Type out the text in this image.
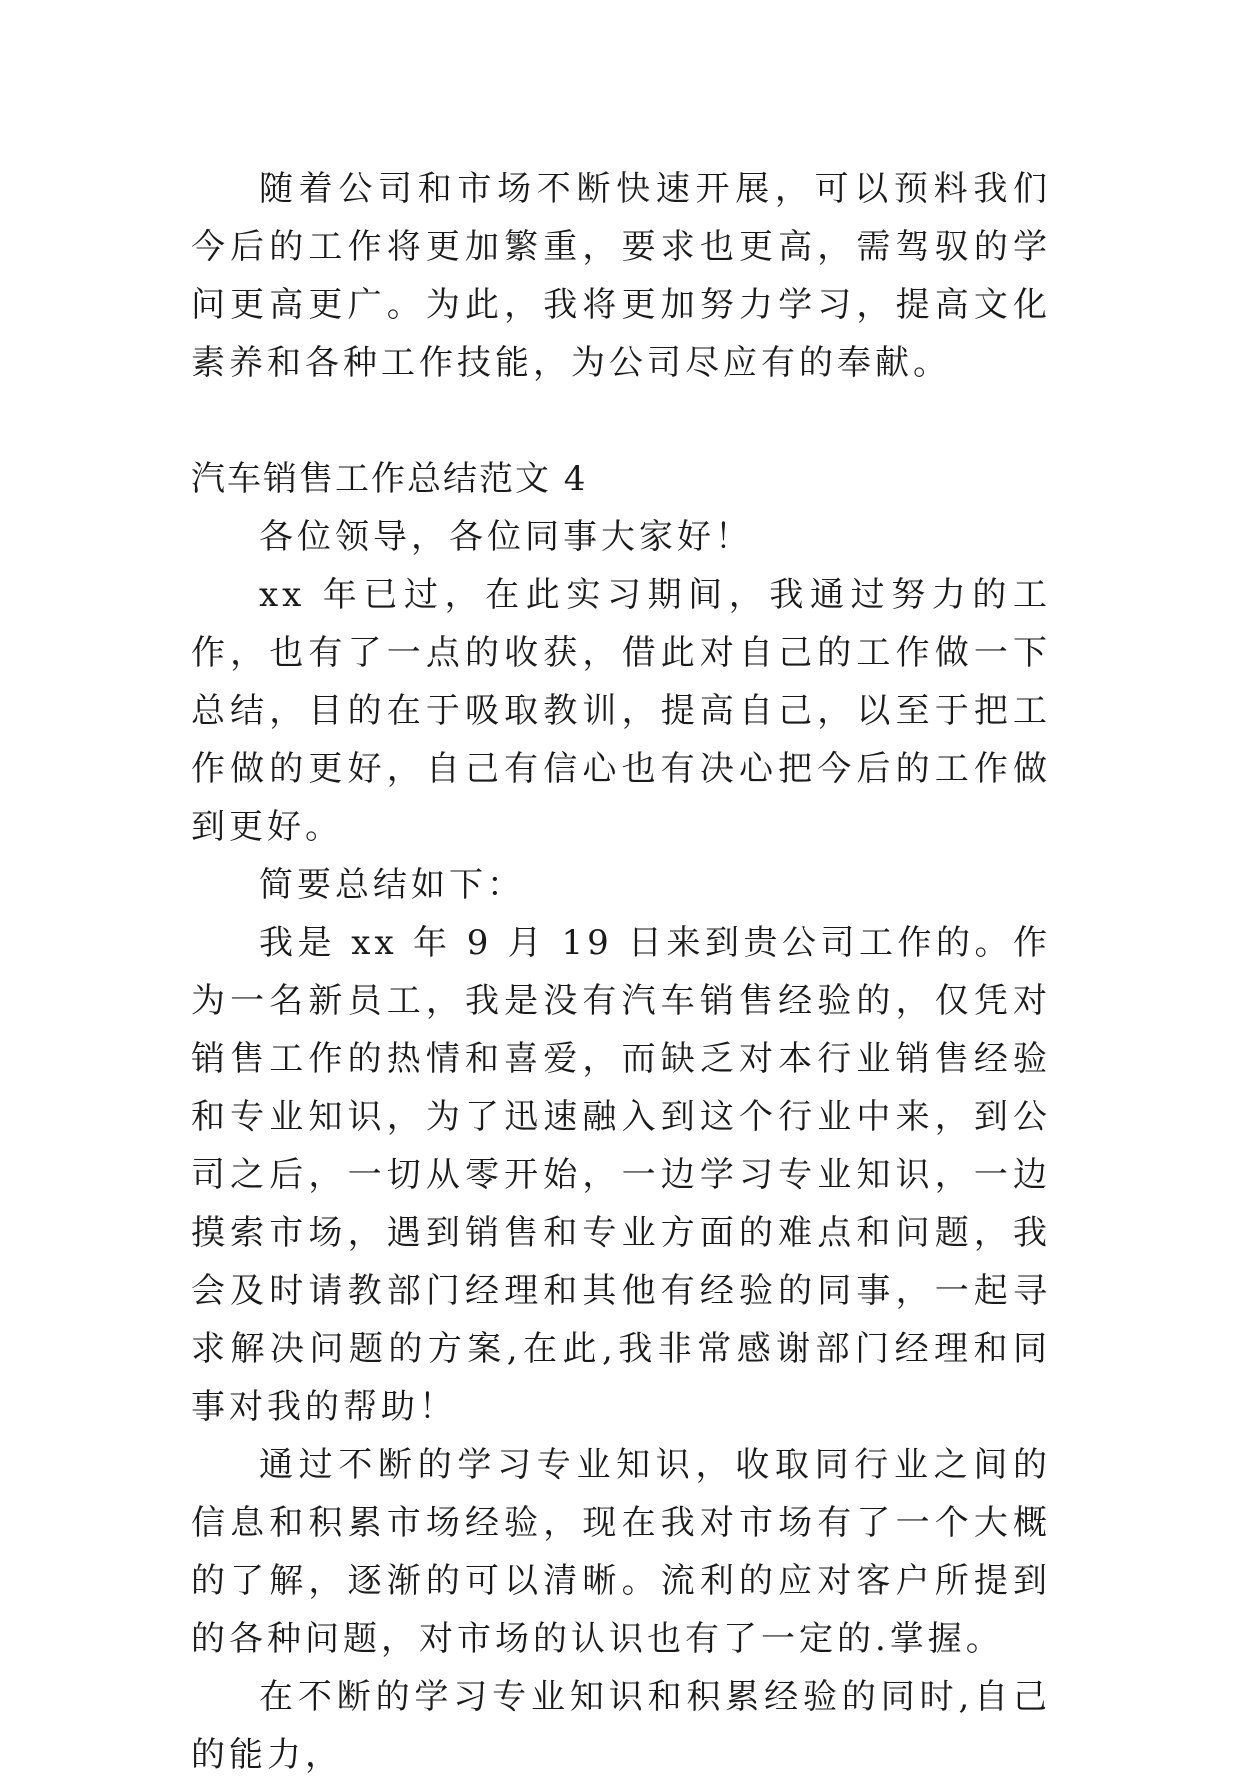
随着公司和市场不断快速开展，可以预料我们今后的工作将更加繁重，要求也更高，需驾驭的学问更高更广。为此，我将更加努力学习，提高文化素养和各种工作技能，为公司尽应有的奉献。

汽车销售工作总结范文 4

各位领导，各位同事大家好！

xx 年已过，在此实习期间，我通过努力的工作，也有了一点的收获，借此对自己的工作做一下总结，目的在于吸取教训，提高自己，以至于把工作做的更好，自己有信心也有决心把今后的工作做到更好。

简要总结如下：

我是 xx 年 9 月 19 日来到贵公司工作的。作为一名新员工，我是没有汽车销售经验的，仅凭对销售工作的热情和喜爱，而缺乏对本行业销售经验和专业知识，为了迅速融入到这个行业中来，到公司之后，一切从零开始，一边学习专业知识，一边摸索市场，遇到销售和专业方面的难点和问题，我会及时请教部门经理和其他有经验的同事，一起寻求解决问题的方案,在此,我非常感谢部门经理和同事对我的帮助！

通过不断的学习专业知识，收取同行业之间的信息和积累市场经验，现在我对市场有了一个大概的了解，逐渐的可以清晰。流利的应对客户所提到的各种问题，对市场的认识也有了一定的.掌握。

在不断的学习专业知识和积累经验的同时,自己的能力，
